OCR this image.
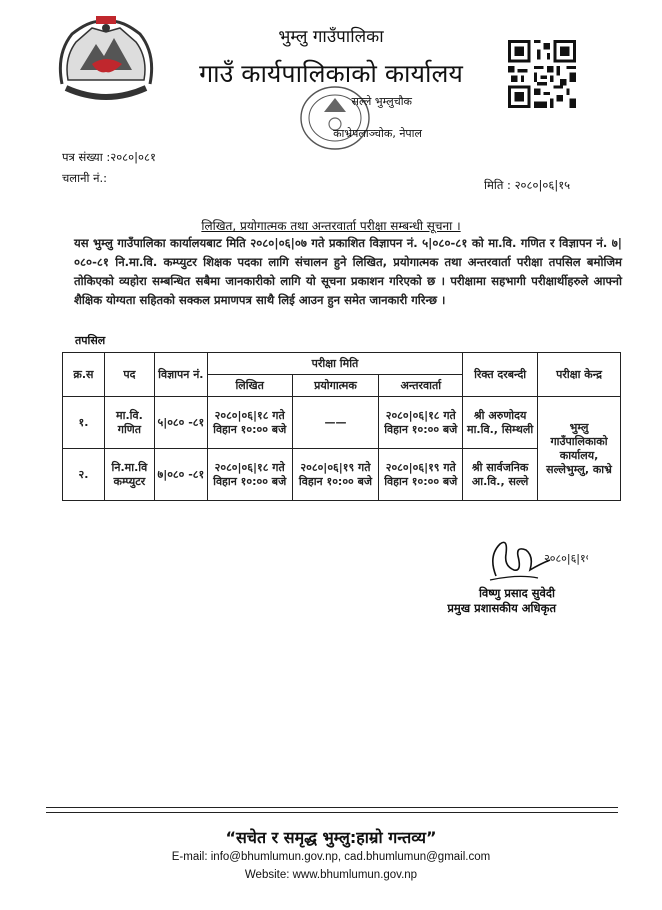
भुम्लु गाउँपालिका
गाउँ कार्यपालिकाको कार्यालय
सल्ले भुम्लुचौक
काभ्रेपलाञ्चोक, नेपाल
पत्र संख्या :२०८०|०८१
चलानी नं.:	मिति : २०८०|०६|१५
लिखित, प्रयोगात्मक तथा अन्तरवार्ता परीक्षा सम्बन्धी सूचना ।
यस भुम्लु गाउँपालिका कार्यालयबाट मिति २०८०|०६|०७ गते प्रकाशित विज्ञापन नं. ५|०८०-८१ को मा.वि. गणित र विज्ञापन नं. ७|०८०-८१ नि.मा.वि. कम्प्युटर शिक्षक पदका लागि संचालन हुने लिखित, प्रयोगात्मक तथा अन्तरवार्ता परीक्षा तपसिल बमोजिम तोकिएको व्यहोरा सम्बन्धित सबैमा जानकारीको लागि यो सूचना प्रकाशन गरिएको छ । परीक्षामा सहभागी परीक्षार्थीहरुले आफ्नो शैक्षिक योग्यता सहितको सक्कल प्रमाणपत्र साथै लिई आउन हुन समेत जानकारी गरिन्छ ।
तपसिल
क्र.स	पद	विज्ञापन नं.	परीक्षा मिति			रिक्त दरबन्दी	परीक्षा केन्द्र
			लिखित	प्रयोगात्मक	अन्तरवार्ता		
१.	मा.वि. गणित	५|०८० -८१	२०८०|०६|१८ गते विहान १०:०० बजे	——	२०८०|०६|१८ गते विहान १०:०० बजे	श्री अरुणोदय मा.वि., सिम्थली	भुम्लु गाउँपालिकाको कार्यालय, सल्लेभुम्लु, काभ्रे
२.	नि.मा.वि कम्प्युटर	७|०८० -८१	२०८०|०६|१८ गते विहान १०:०० बजे	२०८०|०६|१९ गते विहान १०:०० बजे	२०८०|०६|१९ गते विहान १०:०० बजे	श्री सार्वजनिक आ.वि., सल्ले	
२०८०|६|१५
विष्णु प्रसाद सुवेदी
प्रमुख प्रशासकीय अधिकृत
“सचेत र समृद्ध भुम्लु:हाम्रो गन्तव्य”
E-mail: info@bhumlumun.gov.np, cad.bhumlumun@gmail.com
Website: www.bhumlumun.gov.np
